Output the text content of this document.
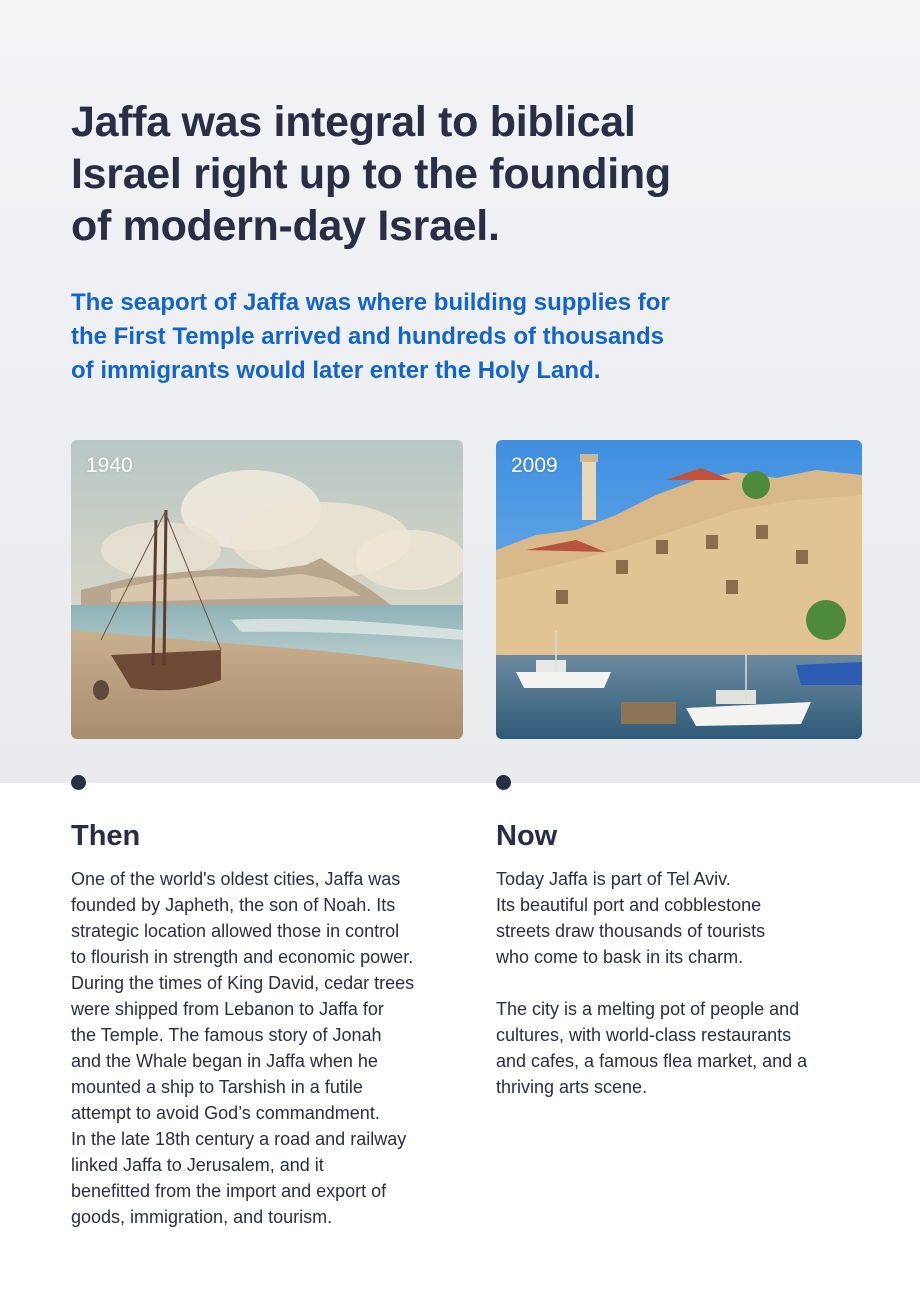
Jaffa was integral to biblical
Israel right up to the founding
of modern-day Israel.
The seaport of Jaffa was where building supplies for
the First Temple arrived and hundreds of thousands
of immigrants would later enter the Holy Land.
1940	2009
Then
One of the world's oldest cities, Jaffa was
founded by Japheth, the son of Noah. Its
strategic location allowed those in control
to flourish in strength and economic power.
During the times of King David, cedar trees
were shipped from Lebanon to Jaffa for
the Temple. The famous story of Jonah
and the Whale began in Jaffa when he
mounted a ship to Tarshish in a futile
attempt to avoid God’s commandment.
In the late 18th century a road and railway
linked Jaffa to Jerusalem, and it
benefitted from the import and export of
goods, immigration, and tourism.
Now
Today Jaffa is part of Tel Aviv.
Its beautiful port and cobblestone
streets draw thousands of tourists
who come to bask in its charm.
The city is a melting pot of people and
cultures, with world-class restaurants
and cafes, a famous flea market, and a
thriving arts scene.
